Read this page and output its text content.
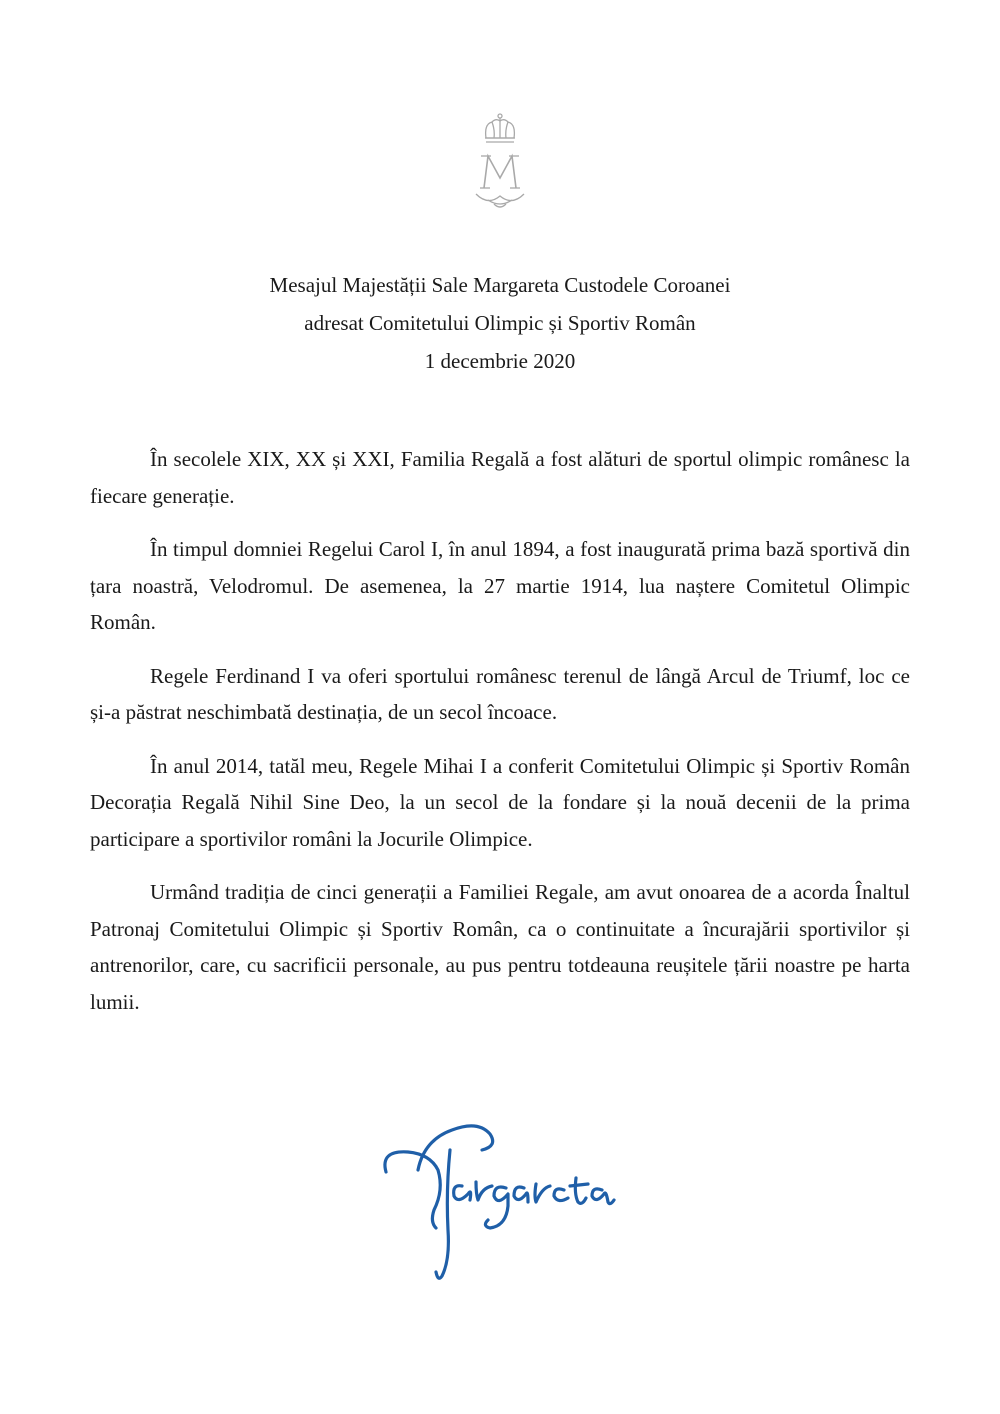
Mesajul Majestății Sale Margareta Custodele Coroanei
adresat Comitetului Olimpic și Sportiv Român
1 decembrie 2020

În secolele XIX, XX și XXI, Familia Regală a fost alături de sportul olimpic românesc la fiecare generație.

În timpul domniei Regelui Carol I, în anul 1894, a fost inaugurată prima bază sportivă din țara noastră, Velodromul. De asemenea, la 27 martie 1914, lua naștere Comitetul Olimpic Român.

Regele Ferdinand I va oferi sportului românesc terenul de lângă Arcul de Triumf, loc ce și-a păstrat neschimbată destinația, de un secol încoace.

În anul 2014, tatăl meu, Regele Mihai I a conferit Comitetului Olimpic și Sportiv Român Decorația Regală Nihil Sine Deo, la un secol de la fondare și la nouă decenii de la prima participare a sportivilor români la Jocurile Olimpice.

Urmând tradiția de cinci generații a Familiei Regale, am avut onoarea de a acorda Înaltul Patronaj Comitetului Olimpic și Sportiv Român, ca o continuitate a încurajării sportivilor și antrenorilor, care, cu sacrificii personale, au pus pentru totdeauna reușitele țării noastre pe harta lumii.
